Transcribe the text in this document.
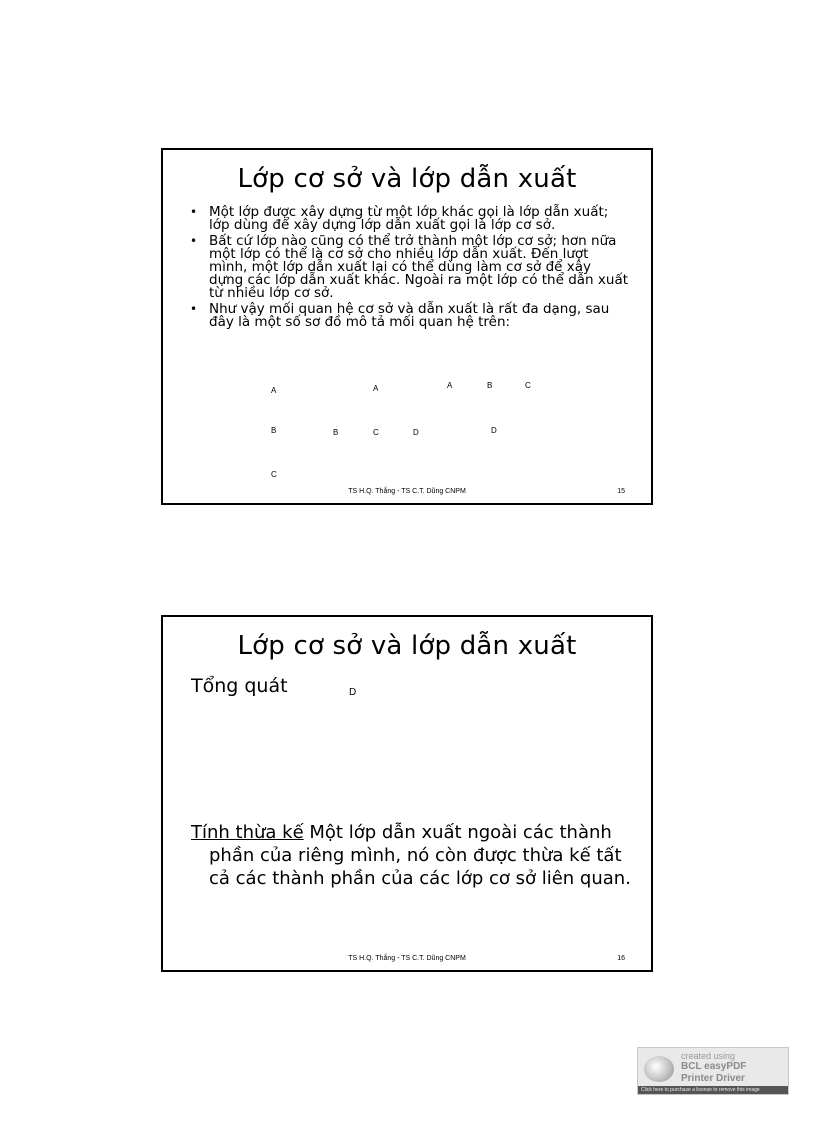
Lớp cơ sở và lớp dẫn xuất
• Một lớp được xây dựng từ một lớp khác gọi là lớp dẫn xuất; lớp dùng để xây dựng lớp dẫn xuất gọi là lớp cơ sở.
• Bất cứ lớp nào cũng có thể trở thành một lớp cơ sở; hơn nữa một lớp có thể là cơ sở cho nhiều lớp dẫn xuất. Đến lượt mình, một lớp dẫn xuất lại có thể dùng làm cơ sở để xây dựng các lớp dẫn xuất khác. Ngoài ra một lớp có thể dẫn xuất từ nhiều lớp cơ sở.
• Như vậy mối quan hệ cơ sở và dẫn xuất là rất đa dạng, sau đây là một số sơ đồ mô tả mối quan hệ trên:
A
B
C
A
B	C	D
A	B	C
D
TS H.Q. Thắng - TS C.T. Dũng CNPM	15
Lớp cơ sở và lớp dẫn xuất
Tổng quát	D
Tính thừa kế Một lớp dẫn xuất ngoài các thành
phần của riêng mình, nó còn được thừa kế tất
cả các thành phần của các lớp cơ sở liên quan.
TS H.Q. Thắng - TS C.T. Dũng CNPM	16
created using
BCL easyPDF
Printer Driver
Click here to purchase a license to remove this image
